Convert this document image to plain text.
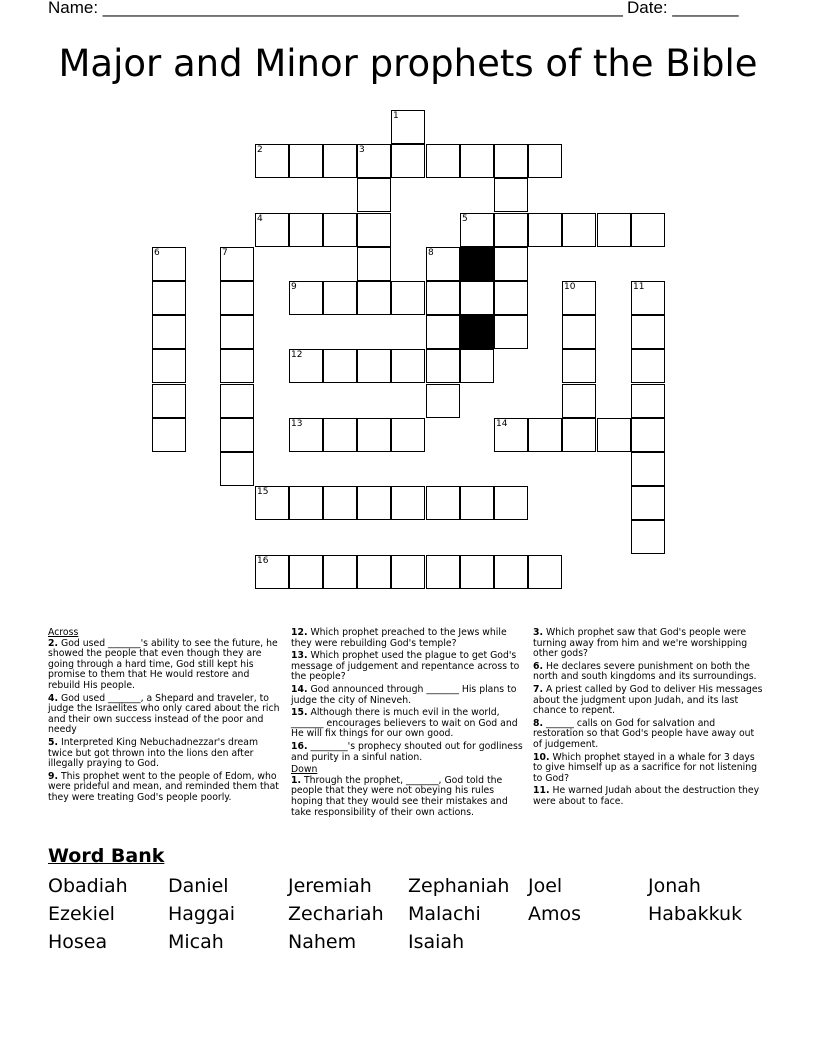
Name: _______________________________________________________ Date: _______
Major and Minor prophets of the Bible
1
2	3
4	5
6	7	8
9	10	11
12
13	14
15
16

Across

2. God used _______'s ability to see the future, he showed the people that even though they are going through a hard time, God still kept his promise to them that He would restore and rebuild His people.

4. God used _______, a Shepard and traveler, to judge the Israelites who only cared about the rich and their own success instead of the poor and needy

5. Interpreted King Nebuchadnezzar's dream twice but got thrown into the lions den after illegally praying to God.

9. This prophet went to the people of Edom, who were prideful and mean, and reminded them that they were treating God's people poorly.

12. Which prophet preached to the Jews while they were rebuilding God's temple?

13. Which prophet used the plague to get God's message of judgement and repentance across to the people?

14. God announced through _______ His plans to judge the city of Nineveh.

15. Although there is much evil in the world, _______ encourages believers to wait on God and He will fix things for our own good.

16. ________'s prophecy shouted out for godliness and purity in a sinful nation.

Down

1. Through the prophet, _______, God told the people that they were not obeying his rules hoping that they would see their mistakes and take responsibility of their own actions.

3. Which prophet saw that God's people were turning away from him and we're worshipping other gods?

6. He declares severe punishment on both the north and south kingdoms and its surroundings.

7. A priest called by God to deliver His messages about the judgment upon Judah, and its last chance to repent.

8. ______ calls on God for salvation and restoration so that God's people have away out of judgement.

10. Which prophet stayed in a whale for 3 days to give himself up as a sacrifice for not listening to God?

11. He warned Judah about the destruction they were about to face.

Word Bank

Obadiah Daniel	Jeremiah Zephaniah Joel	Jonah
Ezekiel	Haggai	Zechariah Malachi Amos	Habakkuk
Hosea	Micah	Nahem	Isaiah
